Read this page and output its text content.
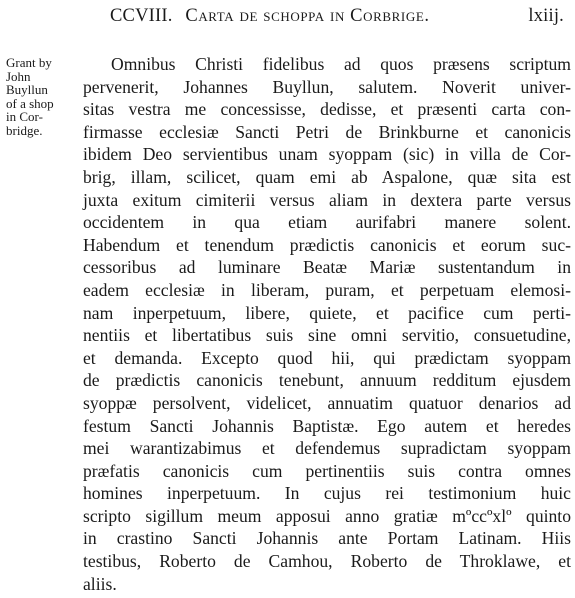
CCVIII. Carta de schoppa in Corbrige.	lxiij.
Grant by
John
Buyllun
of a shop
in Cor-
bridge.
Omnibus Christi fidelibus ad quos præsens scriptum
pervenerit, Johannes Buyllun, salutem. Noverit univer-
sitas vestra me concessisse, dedisse, et præsenti carta con-
firmasse ecclesiæ Sancti Petri de Brinkburne et canonicis
ibidem Deo servientibus unam syoppam (sic) in villa de Cor-
brig, illam, scilicet, quam emi ab Aspalone, quæ sita est
juxta exitum cimiterii versus aliam in dextera parte versus
occidentem in qua etiam aurifabri manere solent.
Habendum et tenendum prædictis canonicis et eorum suc-
cessoribus ad luminare Beatæ Mariæ sustentandum in
eadem ecclesiæ in liberam, puram, et perpetuam elemosi-
nam inperpetuum, libere, quiete, et pacifice cum perti-
nentiis et libertatibus suis sine omni servitio, consuetudine,
et demanda. Excepto quod hii, qui prædictam syoppam
de prædictis canonicis tenebunt, annuum redditum ejusdem
syoppæ persolvent, videlicet, annuatim quatuor denarios ad
festum Sancti Johannis Baptistæ. Ego autem et heredes
mei warantizabimus et defendemus supradictam syoppam
præfatis canonicis cum pertinentiis suis contra omnes
homines inperpetuum. In cujus rei testimonium huic
scripto sigillum meum apposui anno gratiæ mºccºxlº quinto
in crastino Sancti Johannis ante Portam Latinam. Hiis
testibus, Roberto de Camhou, Roberto de Throklawe, et
aliis.
